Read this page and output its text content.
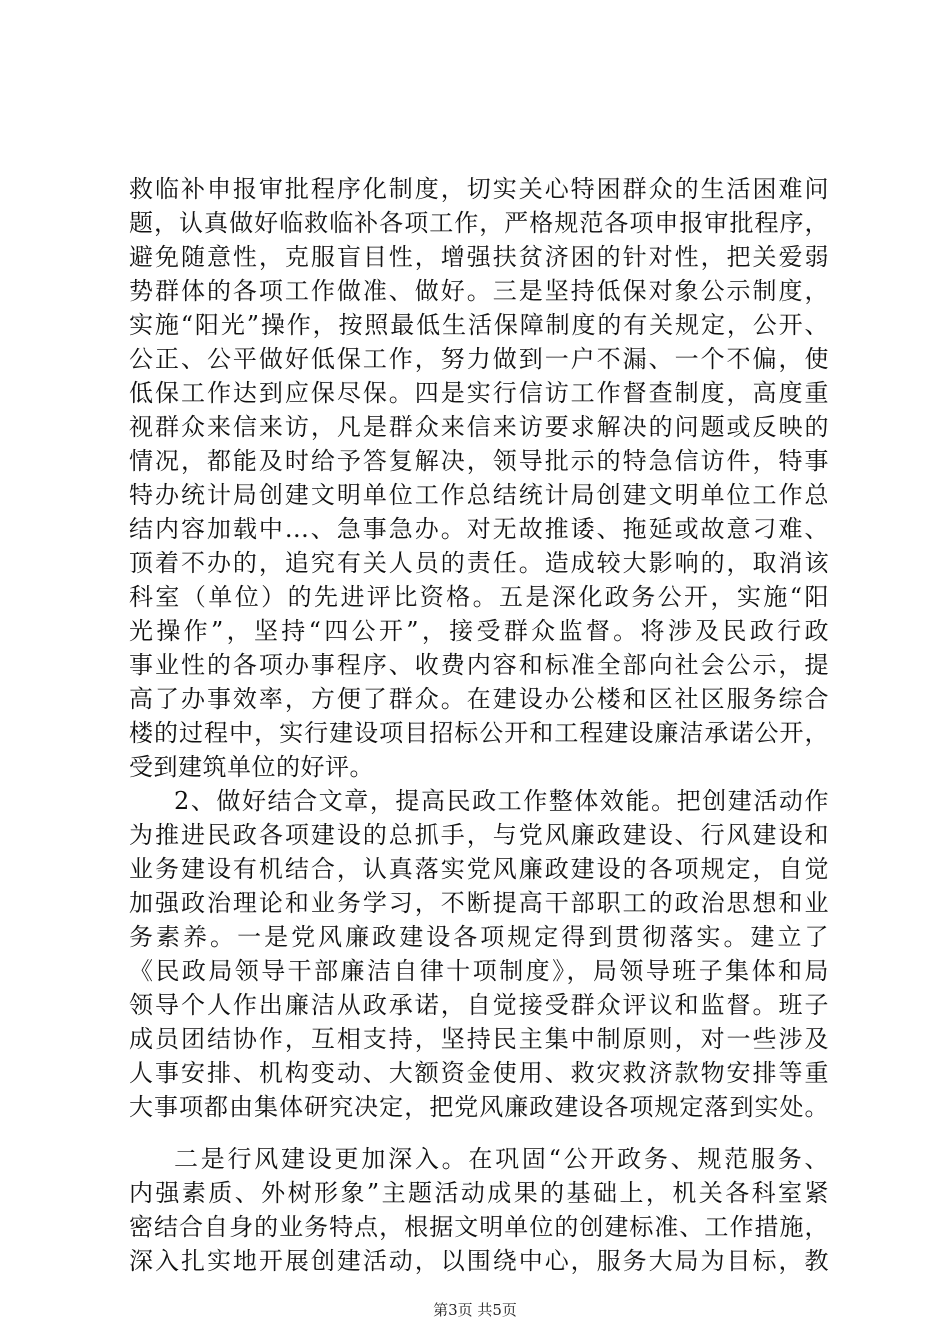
救临补申报审批程序化制度，切实关心特困群众的生活困难问
题，认真做好临救临补各项工作，严格规范各项申报审批程序，
避免随意性，克服盲目性，增强扶贫济困的针对性，把关爱弱
势群体的各项工作做准、做好。三是坚持低保对象公示制度，
实施“阳光”操作，按照最低生活保障制度的有关规定，公开、
公正、公平做好低保工作，努力做到一户不漏、一个不偏，使
低保工作达到应保尽保。四是实行信访工作督查制度，高度重
视群众来信来访，凡是群众来信来访要求解决的问题或反映的
情况，都能及时给予答复解决，领导批示的特急信访件，特事
特办统计局创建文明单位工作总结统计局创建文明单位工作总
结内容加载中...、急事急办。对无故推诿、拖延或故意刁难、
顶着不办的，追究有关人员的责任。造成较大影响的，取消该
科室（单位）的先进评比资格。五是深化政务公开，实施“阳
光操作”，坚持“四公开”，接受群众监督。将涉及民政行政
事业性的各项办事程序、收费内容和标准全部向社会公示，提
高了办事效率，方便了群众。在建设办公楼和区社区服务综合
楼的过程中，实行建设项目招标公开和工程建设廉洁承诺公开，
受到建筑单位的好评。
2、做好结合文章，提高民政工作整体效能。把创建活动作
为推进民政各项建设的总抓手，与党风廉政建设、行风建设和
业务建设有机结合，认真落实党风廉政建设的各项规定，自觉
加强政治理论和业务学习，不断提高干部职工的政治思想和业
务素养。一是党风廉政建设各项规定得到贯彻落实。建立了
《民政局领导干部廉洁自律十项制度》，局领导班子集体和局
领导个人作出廉洁从政承诺，自觉接受群众评议和监督。班子
成员团结协作，互相支持，坚持民主集中制原则，对一些涉及
人事安排、机构变动、大额资金使用、救灾救济款物安排等重
大事项都由集体研究决定，把党风廉政建设各项规定落到实处。
二是行风建设更加深入。在巩固“公开政务、规范服务、
内强素质、外树形象”主题活动成果的基础上，机关各科室紧
密结合自身的业务特点，根据文明单位的创建标准、工作措施，
深入扎实地开展创建活动，以围绕中心，服务大局为目标，教
第3页 共5页
